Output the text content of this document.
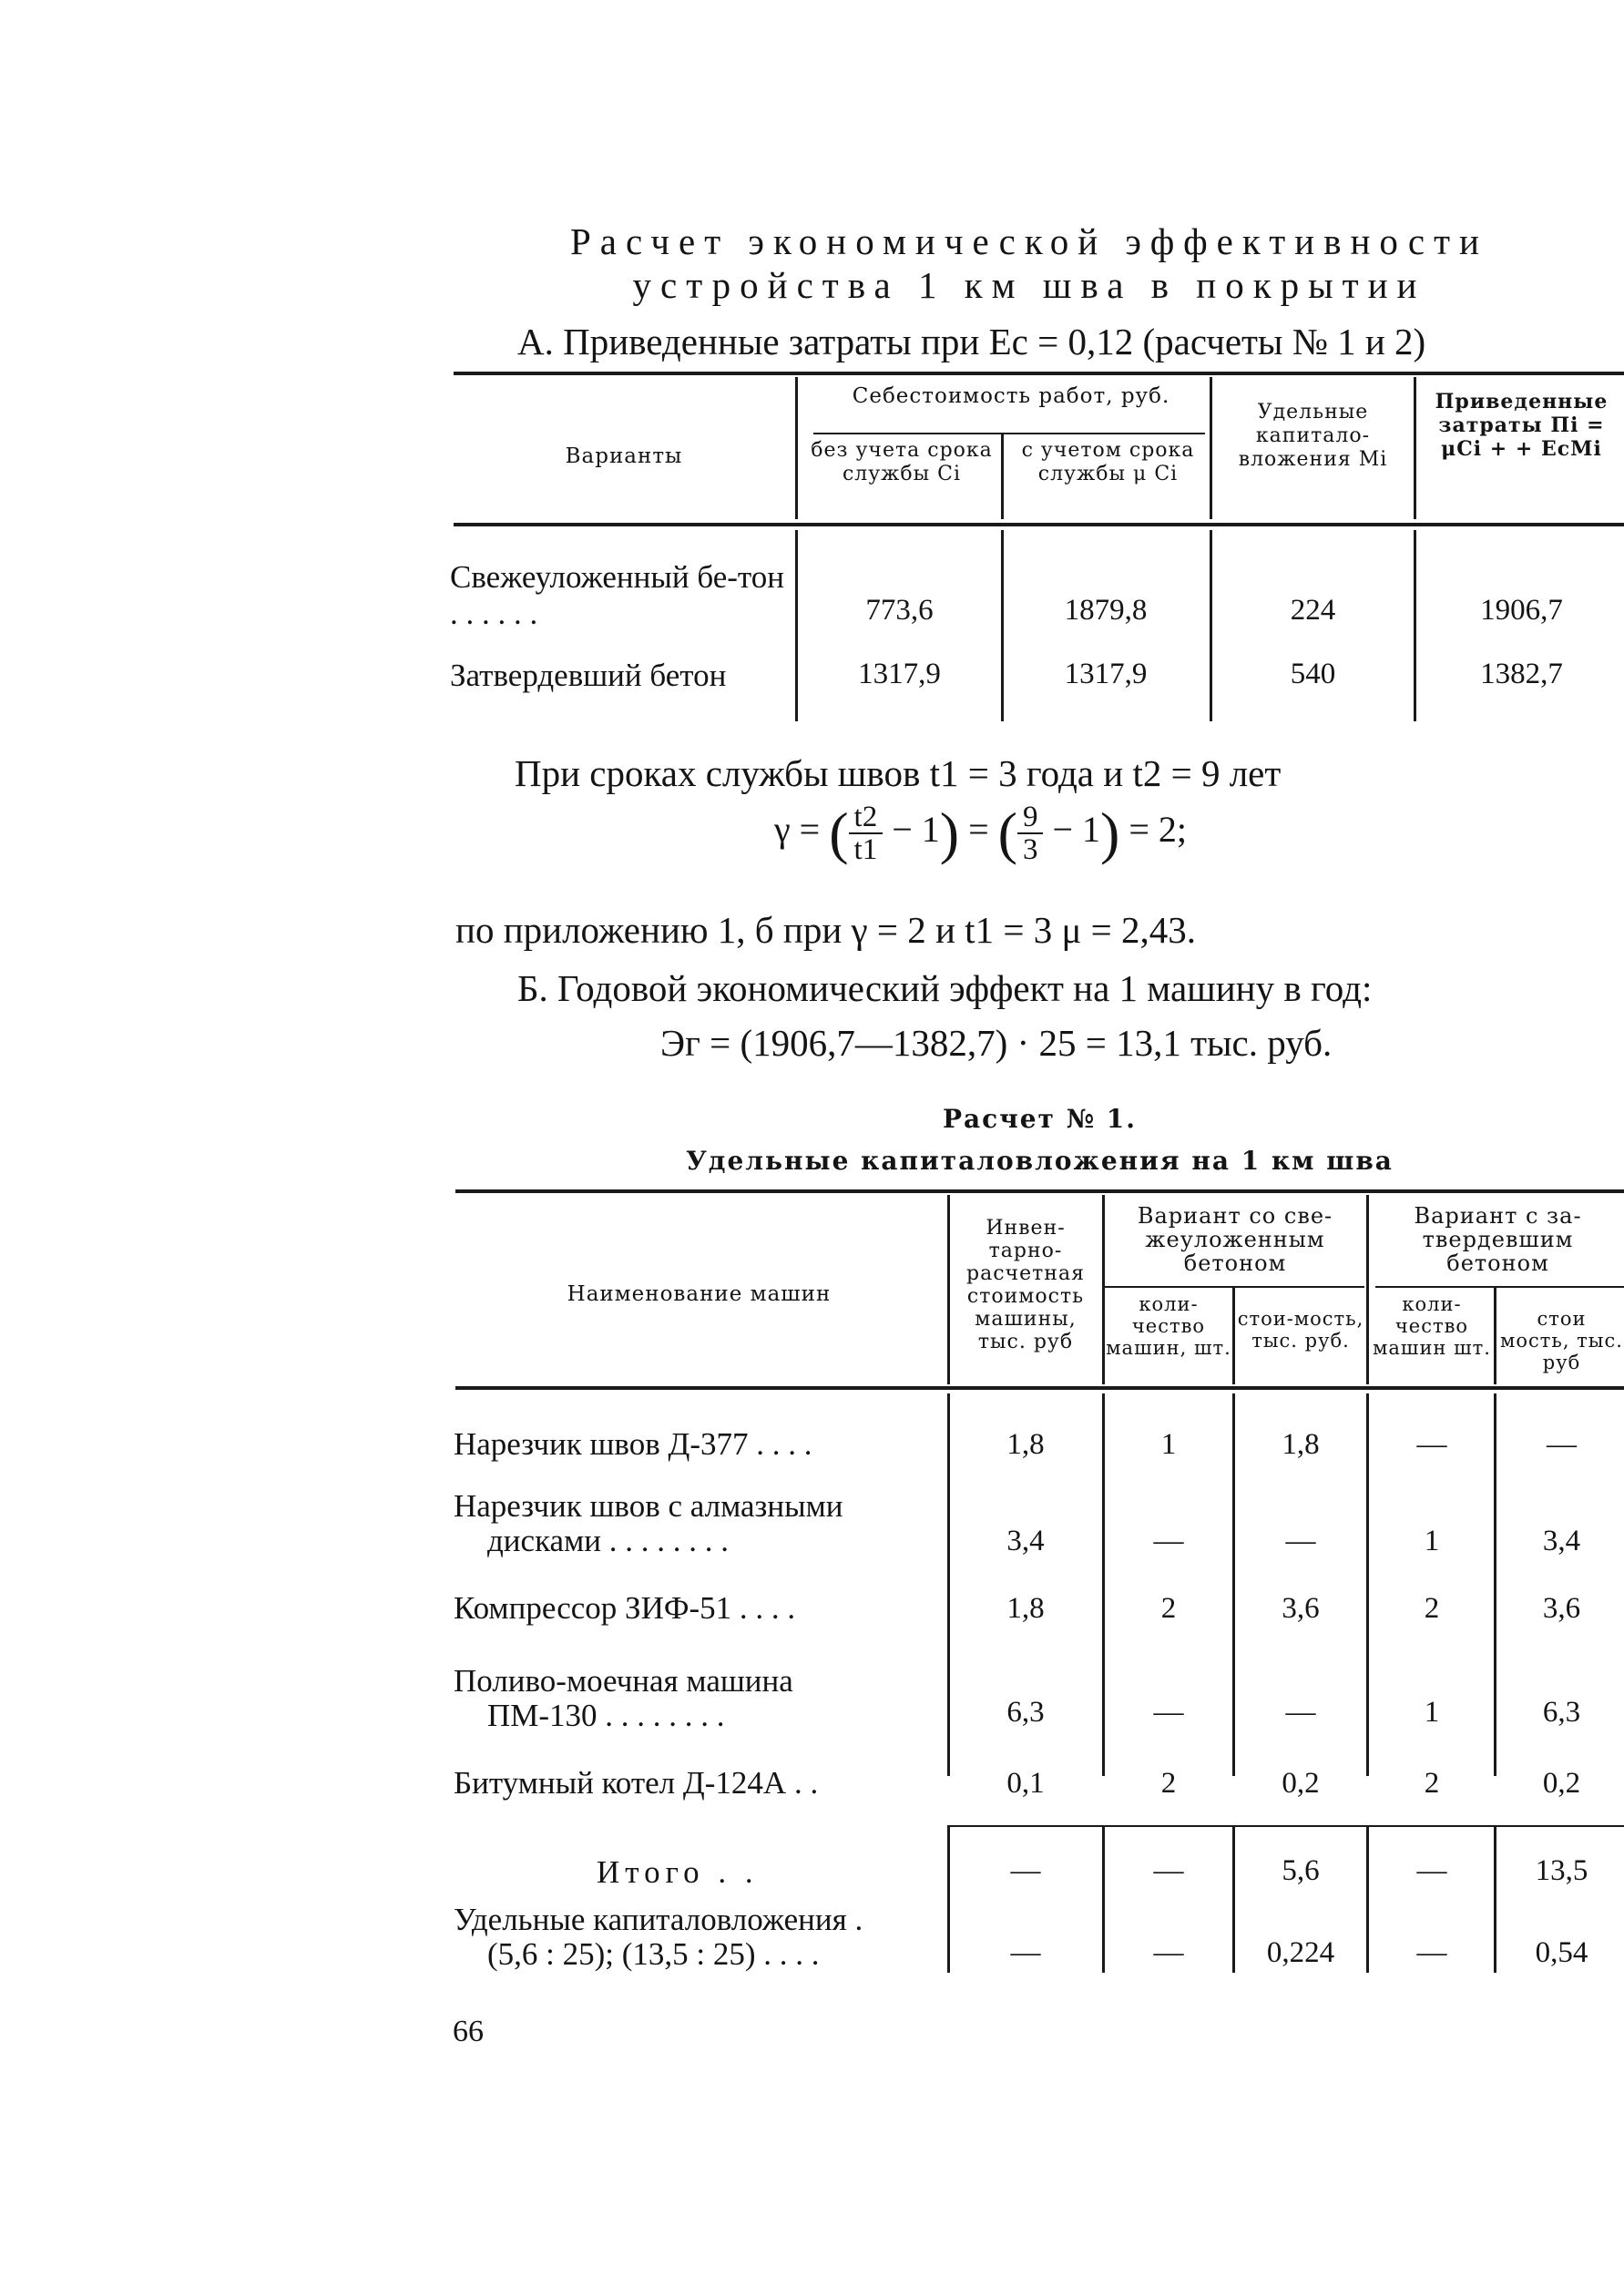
Расчет экономической эффективности
устройства 1 км шва в покрытии
А. Приведенные затраты при Eс = 0,12 (расчеты № 1 и 2)
Варианты
Себестоимость работ, руб.
без учета срока службы Ci
с учетом срока службы μ Ci
Удельные капитало-вложения Mi
Приведенные затраты Пi = μCi + + EсMi
Свежеуложенный бе-тон . . . . . .	773,6	1879,8	224	1906,7
Затвердевший бетон	1317,9	1317,9	540	1382,7
При сроках службы швов t1 = 3 года и t2 = 9 лет
γ = ( $\frac{t2}{t1} - 1$) = ( $\frac{9}{3} - 1) = 2$;
по приложению 1, б при γ = 2 и t1 = 3 μ = 2,43.
Б. Годовой экономический эффект на 1 машину в год:
Эг = (1906,7—1382,7) · 25 = 13,1 тыс. руб.
Расчет № 1.
Удельные капиталовложения на 1 км шва
Наименование машин
Инвен-тарно-расчетная стоимость машины, тыс. руб
Вариант со све-жеуложенным бетоном
Вариант с за-твердевшим бетоном
коли-чество машин, шт.
стои-мость, тыс. руб.
коли-чество машин шт.
стои мость, тыс. руб
Нарезчик швов Д-377 . . . .	1,8	1	1,8	—	—
Нарезчик швов с алмазными
дисками . . . . . . . .	3,4	—	—	1	3,4
Компрессор ЗИФ-51 . . . .	1,8	2	3,6	2	3,6
Поливо-моечная машина
ПМ-130 . . . . . . . .	6,3	—	—	1	6,3
Битумный котел Д-124А . .	0,1	2	0,2	2	0,2
Итого . .	—	—	5,6	—	13,5
Удельные капиталовложения .
(5,6 : 25); (13,5 : 25) . . . .	—	—	0,224	—	0,54
66
